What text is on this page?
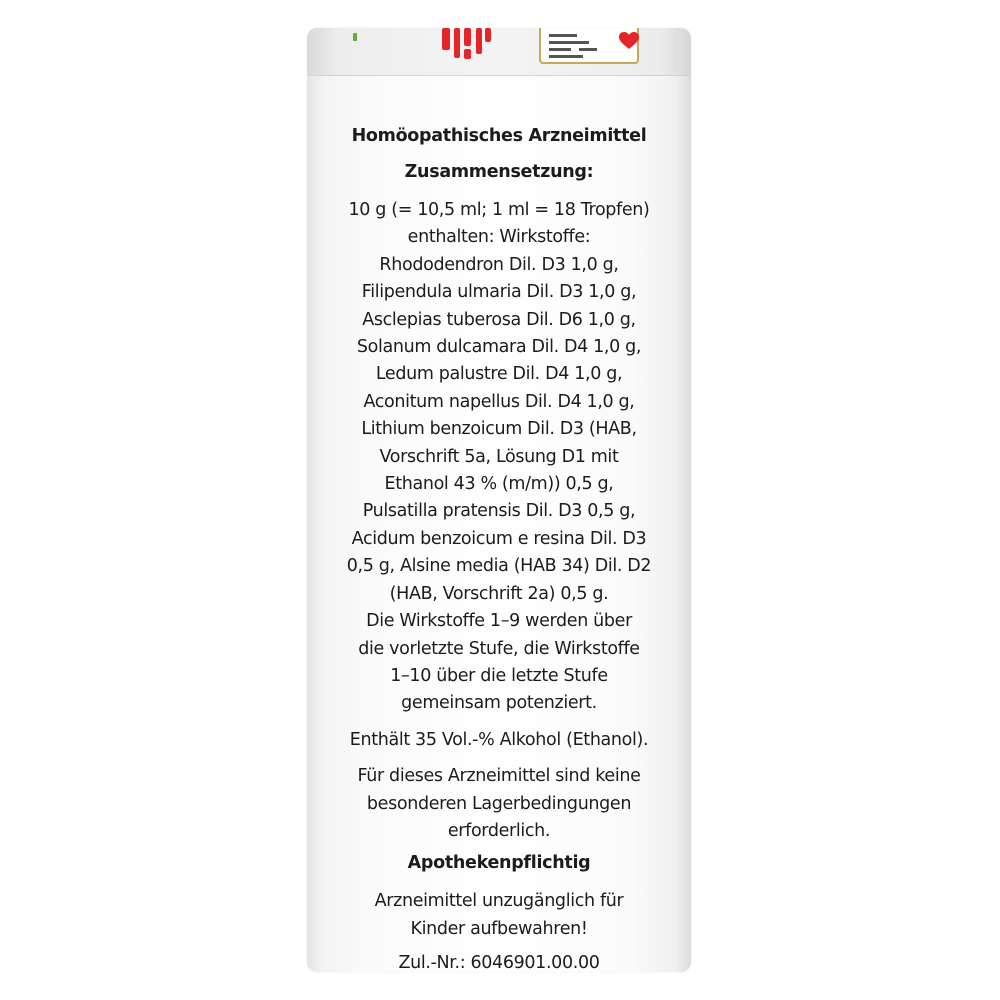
Homöopathisches Arzneimittel
Zusammensetzung:

10 g (= 10,5 ml; 1 ml = 18 Tropfen)
enthalten: Wirkstoffe:
Rhododendron Dil. D3 1,0 g,
Filipendula ulmaria Dil. D3 1,0 g,
Asclepias tuberosa Dil. D6 1,0 g,
Solanum dulcamara Dil. D4 1,0 g,
Ledum palustre Dil. D4 1,0 g,
Aconitum napellus Dil. D4 1,0 g,
Lithium benzoicum Dil. D3 (HAB,
Vorschrift 5a, Lösung D1 mit
Ethanol 43 % (m/m)) 0,5 g,
Pulsatilla pratensis Dil. D3 0,5 g,
Acidum benzoicum e resina Dil. D3
0,5 g, Alsine media (HAB 34) Dil. D2
(HAB, Vorschrift 2a) 0,5 g.
Die Wirkstoffe 1–9 werden über
die vorletzte Stufe, die Wirkstoffe
1–10 über die letzte Stufe
gemeinsam potenziert.

Enthält 35 Vol.-% Alkohol (Ethanol).

Für dieses Arzneimittel sind keine
besonderen Lagerbedingungen
erforderlich.

Apothekenpflichtig

Arzneimittel unzugänglich für
Kinder aufbewahren!

Zul.-Nr.: 6046901.00.00
